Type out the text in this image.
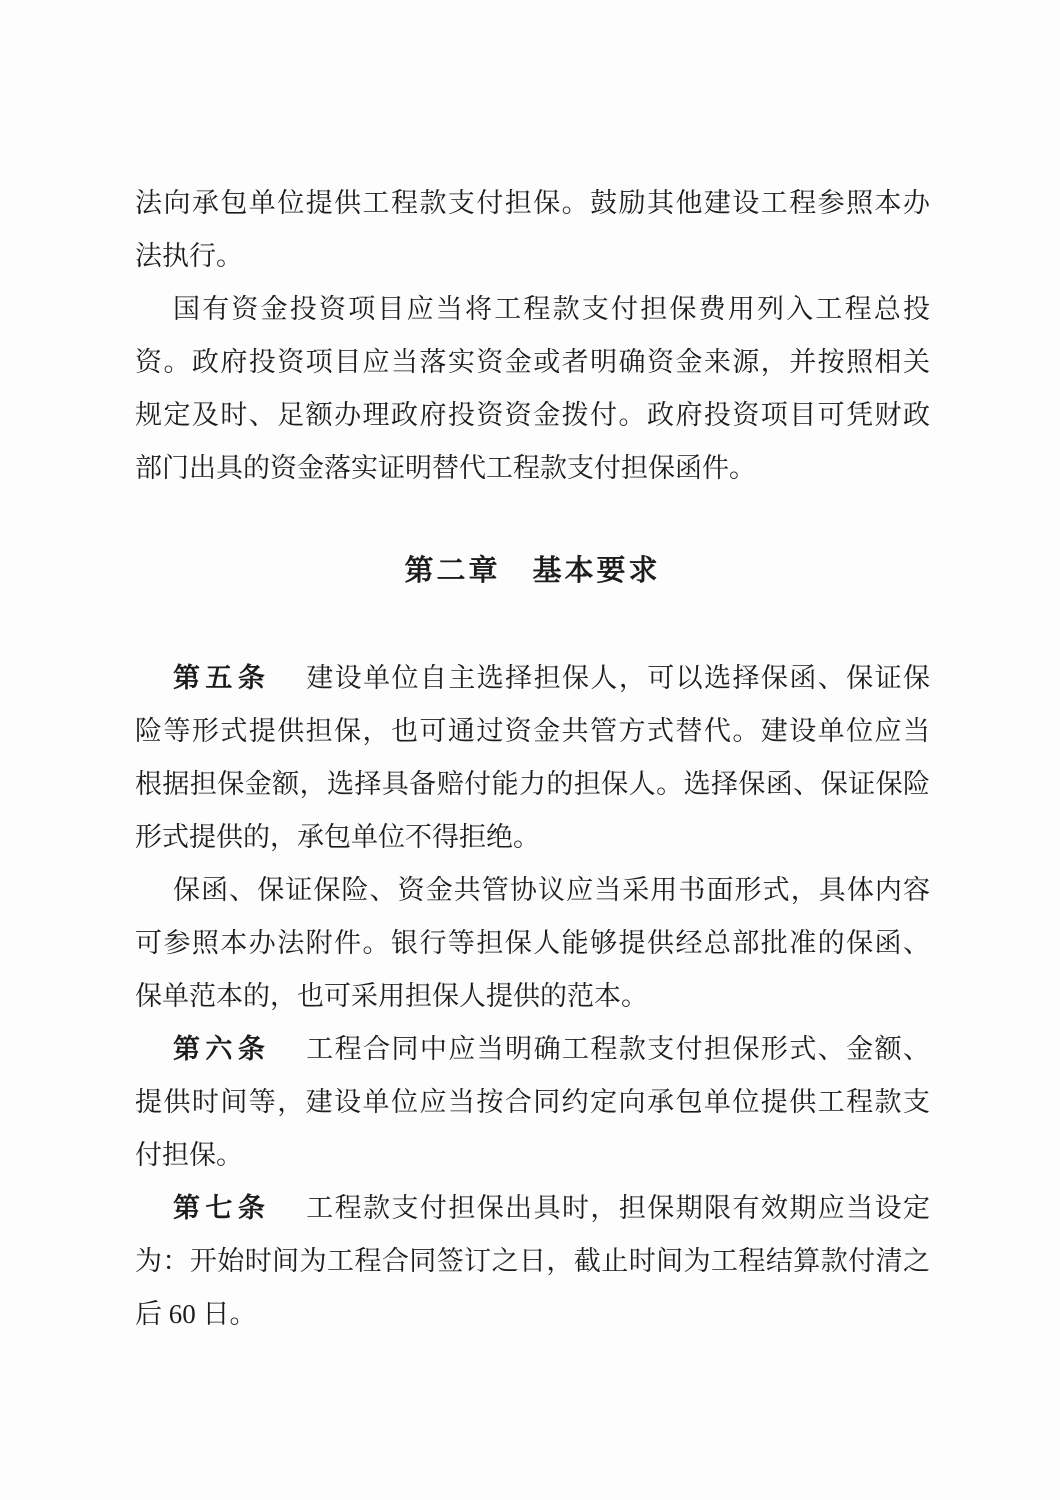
法向承包单位提供工程款支付担保。鼓励其他建设工程参照本办

法执行。

国有资金投资项目应当将工程款支付担保费用列入工程总投

资。政府投资项目应当落实资金或者明确资金来源，并按照相关

规定及时、足额办理政府投资资金拨付。政府投资项目可凭财政

部门出具的资金落实证明替代工程款支付担保函件。

第二章　基本要求

第五条 建设单位自主选择担保人，可以选择保函、保证保

险等形式提供担保，也可通过资金共管方式替代。建设单位应当

根据担保金额，选择具备赔付能力的担保人。选择保函、保证保险

形式提供的，承包单位不得拒绝。

保函、保证保险、资金共管协议应当采用书面形式，具体内容

可参照本办法附件。银行等担保人能够提供经总部批准的保函、

保单范本的，也可采用担保人提供的范本。

第六条 工程合同中应当明确工程款支付担保形式、金额、

提供时间等，建设单位应当按合同约定向承包单位提供工程款支

付担保。

第七条 工程款支付担保出具时，担保期限有效期应当设定

为：开始时间为工程合同签订之日，截止时间为工程结算款付清之

后 60 日。
